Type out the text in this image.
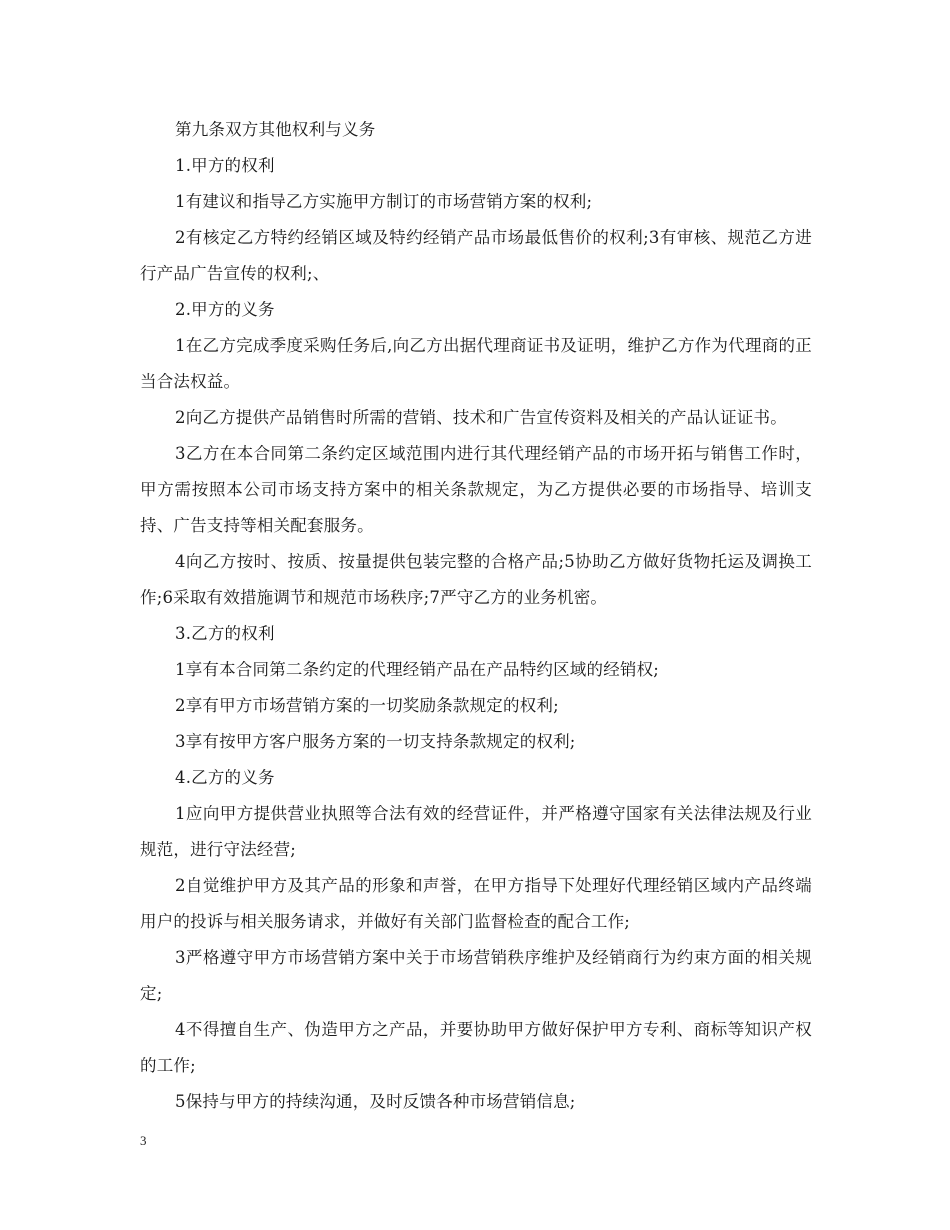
第九条双方其他权利与义务

1.甲方的权利

1有建议和指导乙方实施甲方制订的市场营销方案的权利;

2有核定乙方特约经销区域及特约经销产品市场最低售价的权利;3有审核、规范乙方进行产品广告宣传的权利;、

2.甲方的义务

1在乙方完成季度采购任务后,向乙方出据代理商证书及证明，维护乙方作为代理商的正当合法权益。

2向乙方提供产品销售时所需的营销、技术和广告宣传资料及相关的产品认证证书。

3乙方在本合同第二条约定区域范围内进行其代理经销产品的市场开拓与销售工作时，甲方需按照本公司市场支持方案中的相关条款规定，为乙方提供必要的市场指导、培训支持、广告支持等相关配套服务。

4向乙方按时、按质、按量提供包装完整的合格产品;5协助乙方做好货物托运及调换工作;6采取有效措施调节和规范市场秩序;7严守乙方的业务机密。

3.乙方的权利

1享有本合同第二条约定的代理经销产品在产品特约区域的经销权;

2享有甲方市场营销方案的一切奖励条款规定的权利;

3享有按甲方客户服务方案的一切支持条款规定的权利;

4.乙方的义务

1应向甲方提供营业执照等合法有效的经营证件，并严格遵守国家有关法律法规及行业规范，进行守法经营;

2自觉维护甲方及其产品的形象和声誉，在甲方指导下处理好代理经销区域内产品终端用户的投诉与相关服务请求，并做好有关部门监督检查的配合工作;

3严格遵守甲方市场营销方案中关于市场营销秩序维护及经销商行为约束方面的相关规定;

4不得擅自生产、伪造甲方之产品，并要协助甲方做好保护甲方专利、商标等知识产权的工作;

5保持与甲方的持续沟通，及时反馈各种市场营销信息;

3
